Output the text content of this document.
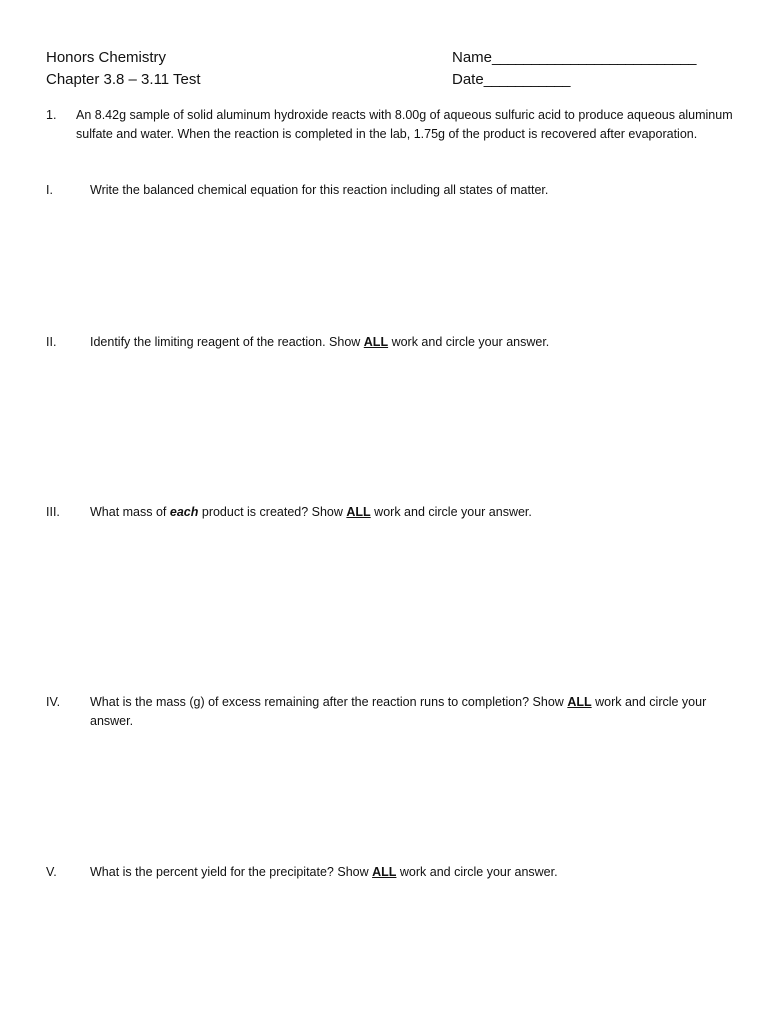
Honors Chemistry
Chapter 3.8 – 3.11 Test
Name__________________________
Date___________
1. An 8.42g sample of solid aluminum hydroxide reacts with 8.00g of aqueous sulfuric acid to produce aqueous aluminum sulfate and water. When the reaction is completed in the lab, 1.75g of the product is recovered after evaporation.
I.	Write the balanced chemical equation for this reaction including all states of matter.
II.	Identify the limiting reagent of the reaction. Show ALL work and circle your answer.
III. What mass of each product is created? Show ALL work and circle your answer.
IV. What is the mass (g) of excess remaining after the reaction runs to completion? Show ALL work and circle your answer.
V.	What is the percent yield for the precipitate? Show ALL work and circle your answer.
